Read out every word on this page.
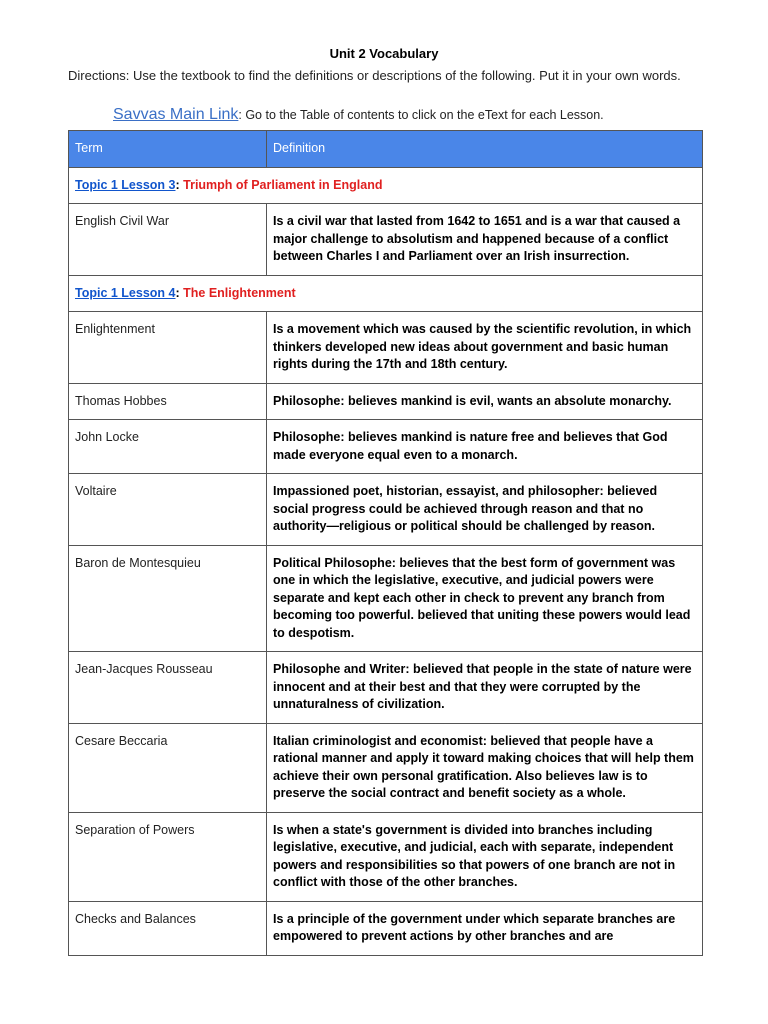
Unit 2 Vocabulary
Directions: Use the textbook to find the definitions or descriptions of the following. Put it in your own words.
Savvas Main Link: Go to the Table of contents to click on the eText for each Lesson.
Term	Definition
Topic 1 Lesson 3: Triumph of Parliament in England	
English Civil War	Is a civil war that lasted from 1642 to 1651 and is a war that caused a major challenge to absolutism and happened because of a conflict between Charles I and Parliament over an Irish insurrection.
Topic 1 Lesson 4: The Enlightenment	
Enlightenment	Is a movement which was caused by the scientific revolution, in which thinkers developed new ideas about government and basic human rights during the 17th and 18th century.
Thomas Hobbes	Philosophe: believes mankind is evil, wants an absolute monarchy.
John Locke	Philosophe: believes mankind is nature free and believes that God made everyone equal even to a monarch.
Voltaire	Impassioned poet, historian, essayist, and philosopher: believed social progress could be achieved through reason and that no authority—religious or political should be challenged by reason.
Baron de Montesquieu	Political Philosophe: believes that the best form of government was one in which the legislative, executive, and judicial powers were separate and kept each other in check to prevent any branch from becoming too powerful. believed that uniting these powers would lead to despotism.
Jean-Jacques Rousseau	Philosophe and Writer: believed that people in the state of nature were innocent and at their best and that they were corrupted by the unnaturalness of civilization.
Cesare Beccaria	Italian criminologist and economist: believed that people have a rational manner and apply it toward making choices that will help them achieve their own personal gratification. Also believes law is to preserve the social contract and benefit society as a whole.
Separation of Powers	Is when a state's government is divided into branches including legislative, executive, and judicial, each with separate, independent powers and responsibilities so that powers of one branch are not in conflict with those of the other branches.
Checks and Balances	Is a principle of the government under which separate branches are empowered to prevent actions by other branches and are
